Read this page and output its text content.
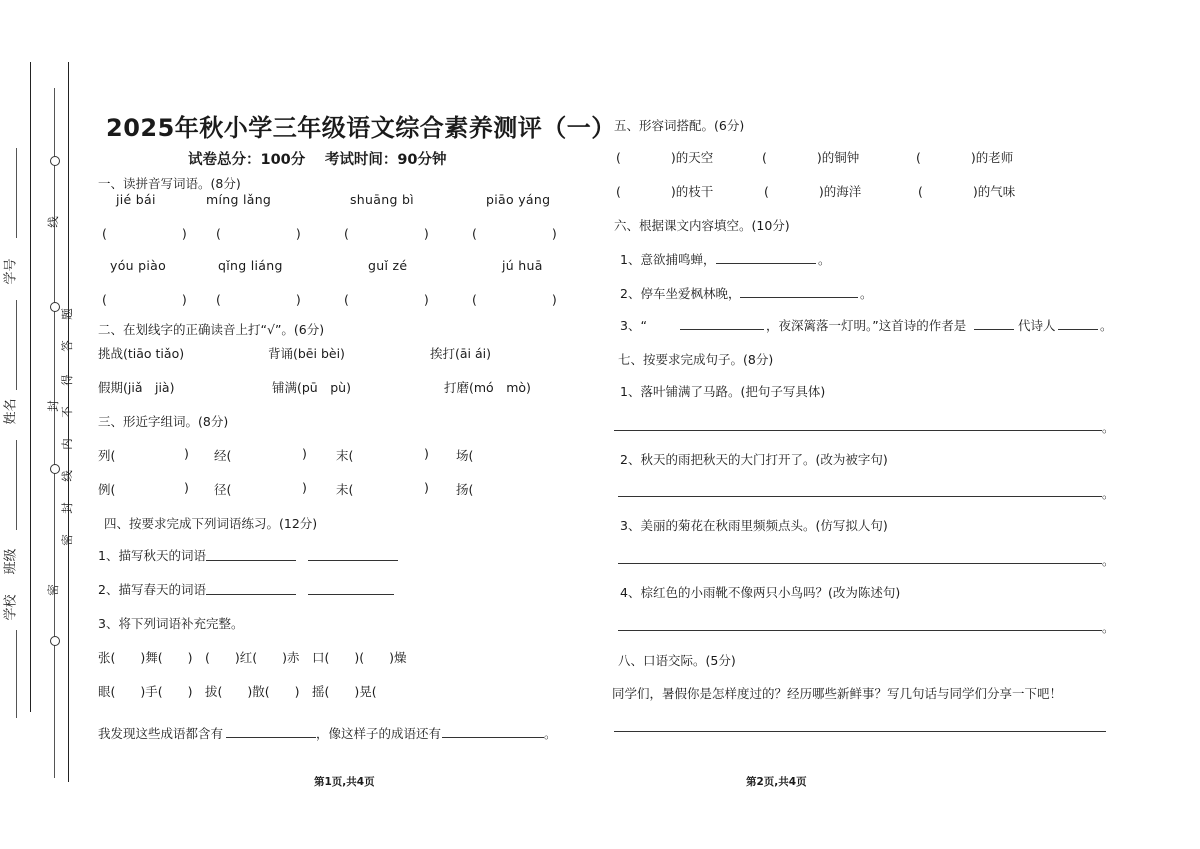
学号
姓名
班级
学校
线
封
密
题
答
得
不
内
线
封
密
2025年秋小学三年级语文综合素养测评（一）
试卷总分：100分　 考试时间：90分钟
一、读拼音写词语。(8分)
jié bái	míng lǎng	shuāng bì	piāo yáng
(　　　　　　) (　　　　　　)	(　　　　　　)	(　　　　　　)
yóu piào	qǐng liáng	guǐ zé	jú huā
(　　　　　　) (　　　　　　)	(　　　　　　)	(　　　　　　)
二、在划线字的正确读音上打“√”。(6分)
挑战(tiāo tiǎo)	背诵(bēi bèi)	挨打(āi ái)
假期(jiǎ　jià)	铺满(pū　pù)	打磨(mó　mò)
三、形近字组词。(8分)
列(	) 经(	) 末(	) 场(
例(	) 径(	) 未(	) 扬(
四、按要求完成下列词语练习。(12分)
1、描写秋天的词语
2、描写春天的词语
3、将下列词语补充完整。
张(　　)舞(　　)　(　　)红(　　)赤　口(　　)(　　)燥
眼(　　)手(　　)　拔(　　)散(　　)　摇(　　)晃(
我发现这些成语都含有	，像这样子的成语还有	。
第1页,共4页
五、形容词搭配。(6分)
(　　　　)的天空	(　　　　)的铜钟	(　　　　)的老师
(　　　　)的枝干	(　　　　)的海洋	(　　　　)的气味
六、根据课文内容填空。(10分)
1、意欲捕鸣蝉，	。
2、停车坐爱枫林晚，	。
3、“	，夜深篱落一灯明。”这首诗的作者是	代诗人	。
七、按要求完成句子。(8分)
1、落叶铺满了马路。(把句子写具体)
。
2、秋天的雨把秋天的大门打开了。(改为被字句)
。
3、美丽的菊花在秋雨里频频点头。(仿写拟人句)
。
4、棕红色的小雨靴不像两只小鸟吗？(改为陈述句)
。
八、口语交际。(5分)
同学们，暑假你是怎样度过的？经历哪些新鲜事？写几句话与同学们分享一下吧！
第2页,共4页
